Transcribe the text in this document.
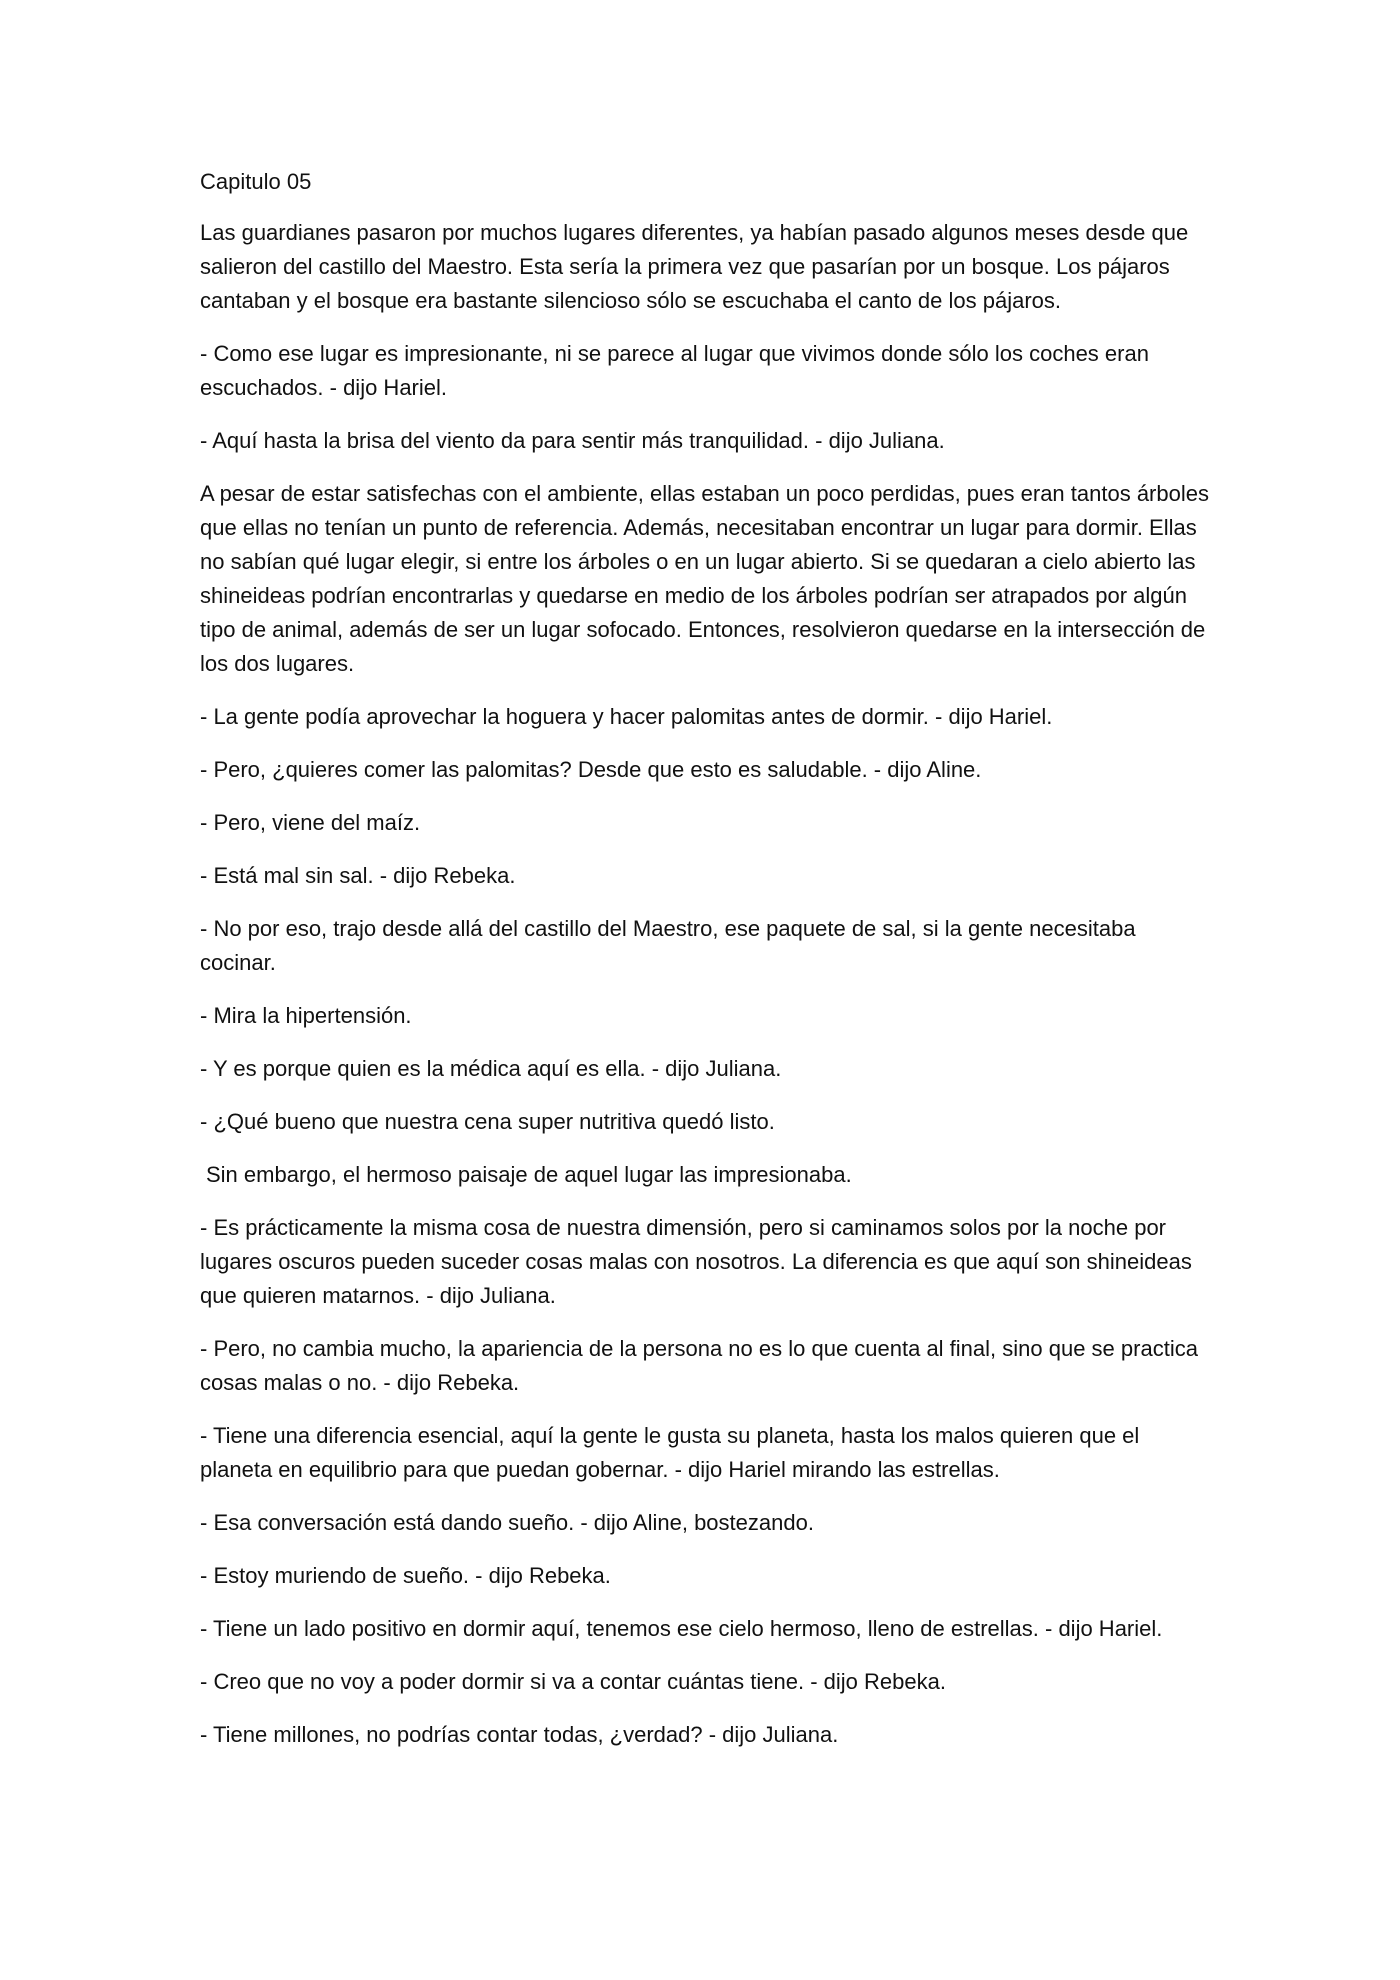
Capitulo 05

Las guardianes pasaron por muchos lugares diferentes, ya habían pasado algunos meses desde que salieron del castillo del Maestro. Esta sería la primera vez que pasarían por un bosque. Los pájaros cantaban y el bosque era bastante silencioso sólo se escuchaba el canto de los pájaros.

- Como ese lugar es impresionante, ni se parece al lugar que vivimos donde sólo los coches eran escuchados. - dijo Hariel.

- Aquí hasta la brisa del viento da para sentir más tranquilidad. - dijo Juliana.

A pesar de estar satisfechas con el ambiente, ellas estaban un poco perdidas, pues eran tantos árboles que ellas no tenían un punto de referencia. Además, necesitaban encontrar un lugar para dormir. Ellas no sabían qué lugar elegir, si entre los árboles o en un lugar abierto. Si se quedaran a cielo abierto las shineideas podrían encontrarlas y quedarse en medio de los árboles podrían ser atrapados por algún tipo de animal, además de ser un lugar sofocado. Entonces, resolvieron quedarse en la intersección de los dos lugares.

- La gente podía aprovechar la hoguera y hacer palomitas antes de dormir. - dijo Hariel.

- Pero, ¿quieres comer las palomitas? Desde que esto es saludable. - dijo Aline.

- Pero, viene del maíz.

- Está mal sin sal. - dijo Rebeka.

- No por eso, trajo desde allá del castillo del Maestro, ese paquete de sal, si la gente necesitaba cocinar.

- Mira la hipertensión.

- Y es porque quien es la médica aquí es ella. - dijo Juliana.

- ¿Qué bueno que nuestra cena super nutritiva quedó listo.

Sin embargo, el hermoso paisaje de aquel lugar las impresionaba.

- Es prácticamente la misma cosa de nuestra dimensión, pero si caminamos solos por la noche por lugares oscuros pueden suceder cosas malas con nosotros. La diferencia es que aquí son shineideas que quieren matarnos. - dijo Juliana.

- Pero, no cambia mucho, la apariencia de la persona no es lo que cuenta al final, sino que se practica cosas malas o no. - dijo Rebeka.

- Tiene una diferencia esencial, aquí la gente le gusta su planeta, hasta los malos quieren que el planeta en equilibrio para que puedan gobernar. - dijo Hariel mirando las estrellas.

- Esa conversación está dando sueño. - dijo Aline, bostezando.

- Estoy muriendo de sueño. - dijo Rebeka.

- Tiene un lado positivo en dormir aquí, tenemos ese cielo hermoso, lleno de estrellas. - dijo Hariel.

- Creo que no voy a poder dormir si va a contar cuántas tiene. - dijo Rebeka.

- Tiene millones, no podrías contar todas, ¿verdad? - dijo Juliana.
